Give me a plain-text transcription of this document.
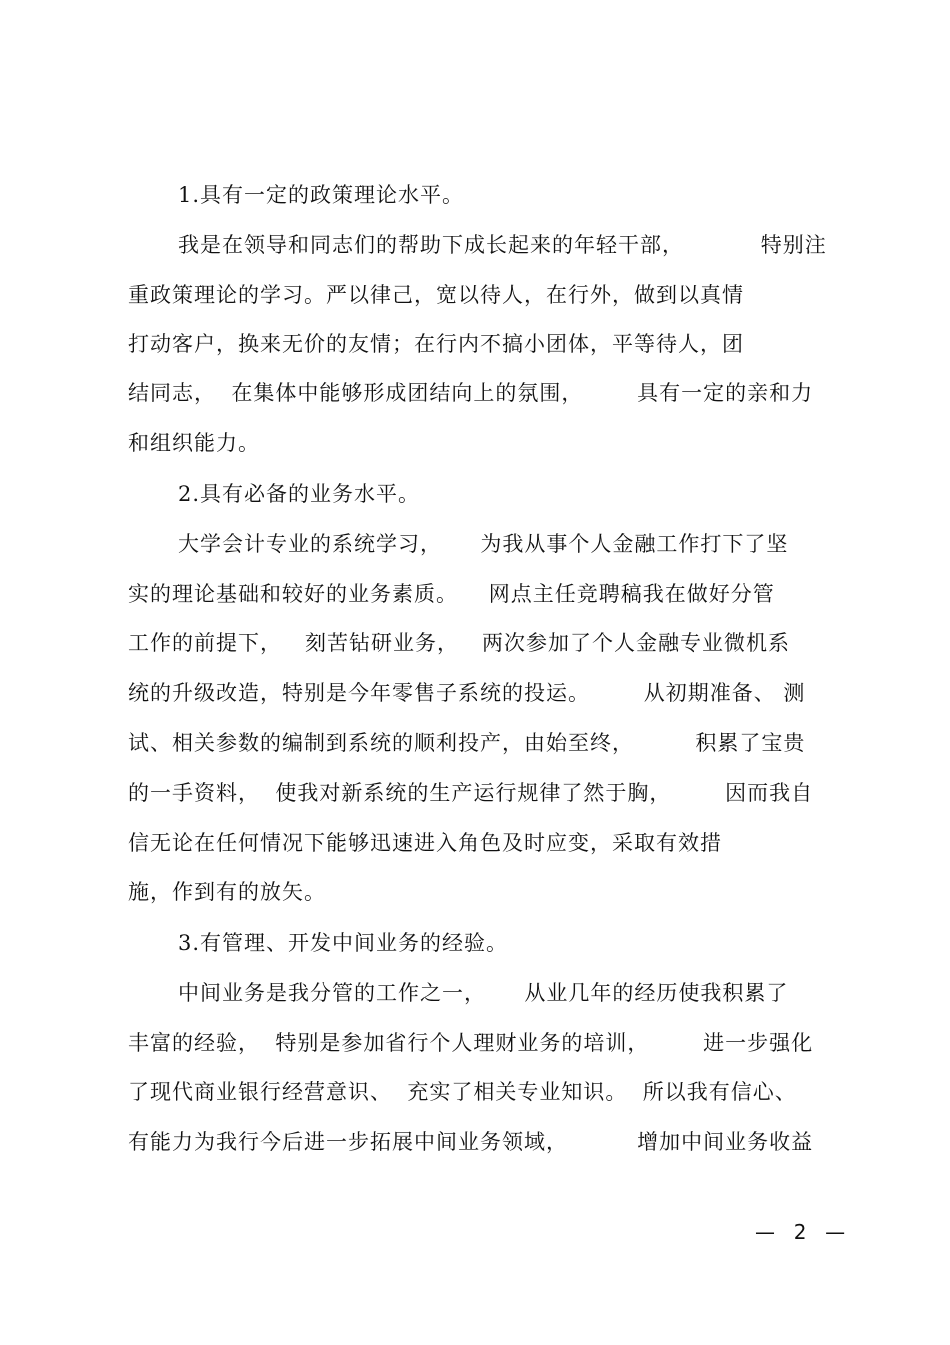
1.具有一定的政策理论水平。
我是在领导和同志们的帮助下成长起来的年轻干部，          特别注
重政策理论的学习。严以律己，宽以待人，在行外，做到以真情
打动客户，换来无价的友情；在行内不搞小团体，平等待人，团
结同志，  在集体中能够形成团结向上的氛围，       具有一定的亲和力
和组织能力。
2.具有必备的业务水平。
大学会计专业的系统学习，     为我从事个人金融工作打下了坚
实的理论基础和较好的业务素质。    网点主任竞聘稿我在做好分管
工作的前提下，   刻苦钻研业务，   两次参加了个人金融专业微机系
统的升级改造，特别是今年零售子系统的投运。       从初期准备、 测
试、相关参数的编制到系统的顺利投产，由始至终，        积累了宝贵
的一手资料，  使我对新系统的生产运行规律了然于胸，       因而我自
信无论在任何情况下能够迅速进入角色及时应变，采取有效措
施，作到有的放矢。
3.有管理、开发中间业务的经验。
中间业务是我分管的工作之一，     从业几年的经历使我积累了
丰富的经验，  特别是参加省行个人理财业务的培训，       进一步强化
了现代商业银行经营意识、  充实了相关专业知识。  所以我有信心、
有能力为我行今后进一步拓展中间业务领域，         增加中间业务收益
—  2  —
